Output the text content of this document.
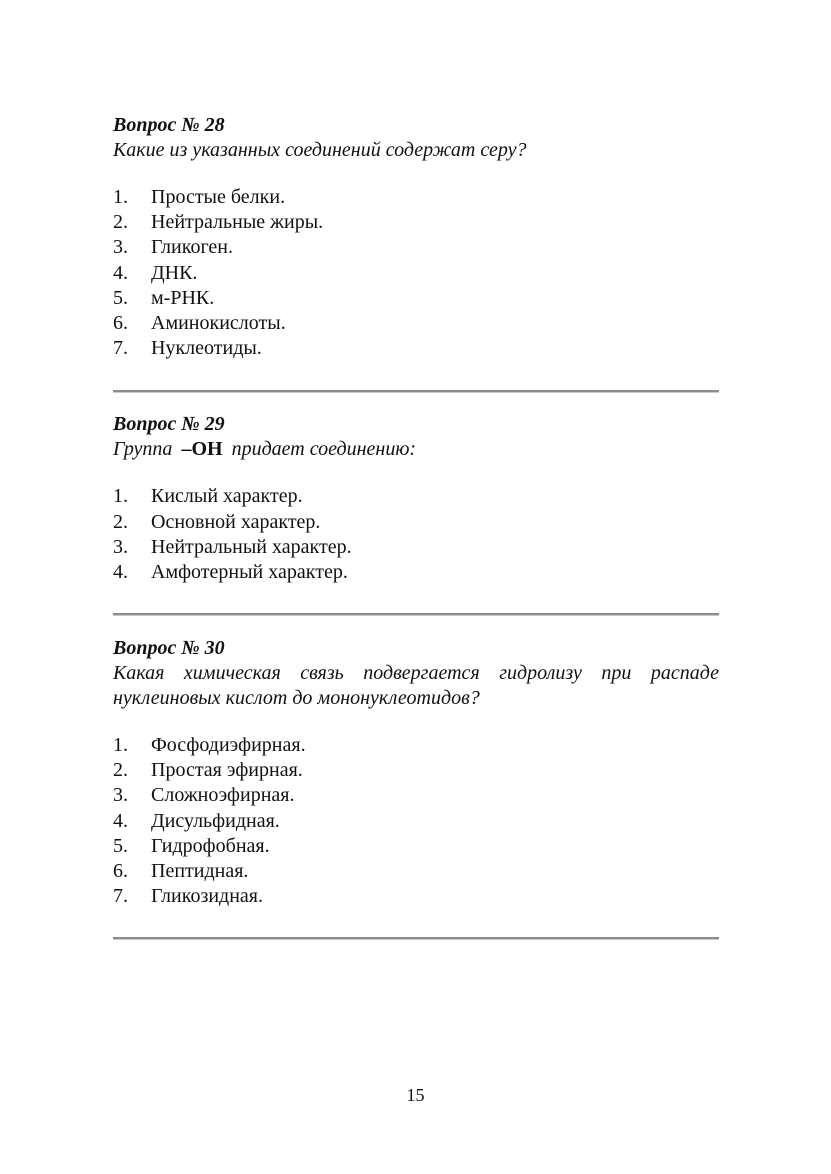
Вопрос № 28

Какие из указанных соединений содержат серу?

1.	Простые белки.
2.	Нейтральные жиры.
3.	Гликоген.
4.	ДНК.
5.	м-РНК.
6.	Аминокислоты.
7.	Нуклеотиды.

Вопрос № 29

Группа –ОН придает соединению:

1.	Кислый характер.
2.	Основной характер.
3.	Нейтральный характер.
4.	Амфотерный характер.

Вопрос № 30

Какая химическая связь подвергается гидролизу при распаде нуклеиновых кислот до мононуклеотидов?

1.	Фосфодиэфирная.
2.	Простая эфирная.
3.	Сложноэфирная.
4.	Дисульфидная.
5.	Гидрофобная.
6.	Пептидная.
7.	Гликозидная.
15
